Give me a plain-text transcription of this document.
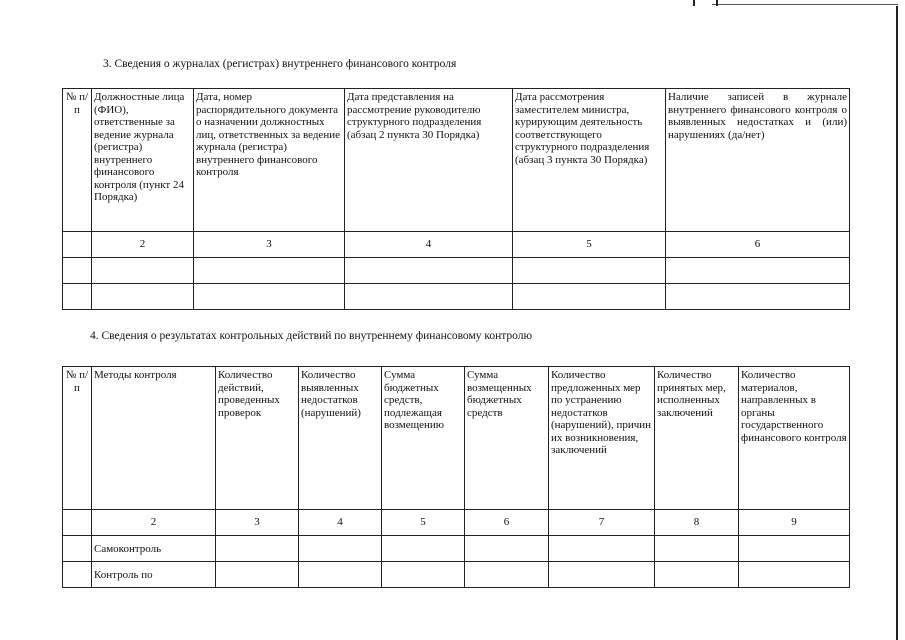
3. Сведения о журналах (регистрах) внутреннего финансового контроля
№ п/п	Должностные лица (ФИО), ответственные за ведение журнала (регистра) внутреннего финансового контроля (пункт 24 Порядка)	Дата, номер распорядительного документа о назначении должностных лиц, ответственных за ведение журнала (регистра) внутреннего финансового контроля	Дата представления на рассмотрение руководителю структурного подразделения (абзац 2 пункта 30 Порядка)	Дата рассмотрения заместителем министра, курирующим деятельность соответствующего структурного подразделения (абзац 3 пункта 30 Порядка)	Наличие записей в журнале внутреннего финансового контроля о выявленных недостатках и (или) нарушениях (да/нет)
	2	3	4	5	6

4. Сведения о результатах контрольных действий по внутреннему финансовому контролю
№ п/п	Методы контроля	Количество действий, проведенных проверок	Количество выявленных недостатков (нарушений)	Сумма бюджетных средств, подлежащая возмещению	Сумма возмещенных бюджетных средств	Количество предложенных мер по устранению недостатков (нарушений), причин их возникновения, заключений	Количество принятых мер, исполненных заключений	Количество материалов, направленных в органы государственного финансового контроля
	2	3	4	5	6	7	8	9
	Самоконтроль							
	Контроль по							
